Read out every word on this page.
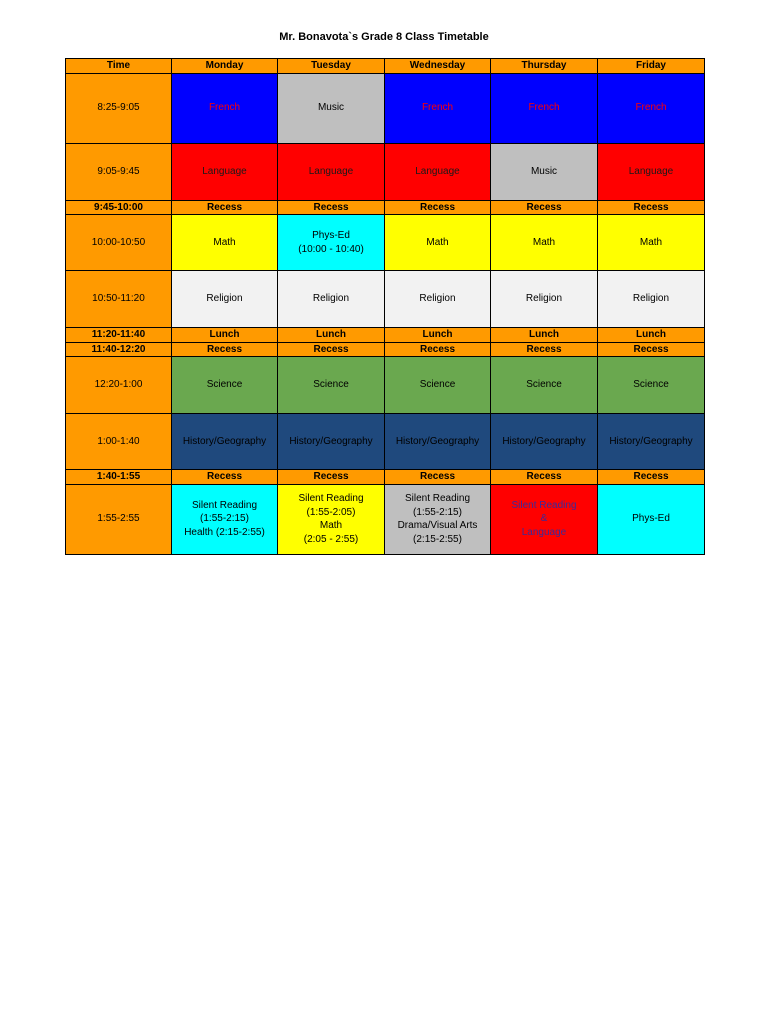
Mr. Bonavota`s Grade 8 Class Timetable
Time	Monday	Tuesday	Wednesday	Thursday	Friday
8:25-9:05	French	Music	French	French	French

9:05-9:45	Language	Language	Language	Music	Language

9:45-10:00	Recess	Recess	Recess	Recess	Recess

10:00-10:50	Math	Phys-Ed
(10:00 - 10:40)	Math	Math	Math

10:50-11:20	Religion	Religion	Religion	Religion	Religion

11:20-11:40	Lunch	Lunch	Lunch	Lunch	Lunch

11:40-12:20	Recess	Recess	Recess	Recess	Recess

12:20-1:00	Science	Science	Science	Science	Science

1:00-1:40	History/Geography	History/Geography	History/Geography	History/Geography	History/Geography

1:40-1:55	Recess	Recess	Recess	Recess	Recess

1:55-2:55	Silent Reading
(1:55-2:15)
Health (2:15-2:55)	Silent Reading
(1:55-2:05)
Math
(2:05 - 2:55)	Silent Reading
(1:55-2:15)
Drama/Visual Arts
(2:15-2:55)	Silent Reading
&
Language	Phys-Ed
